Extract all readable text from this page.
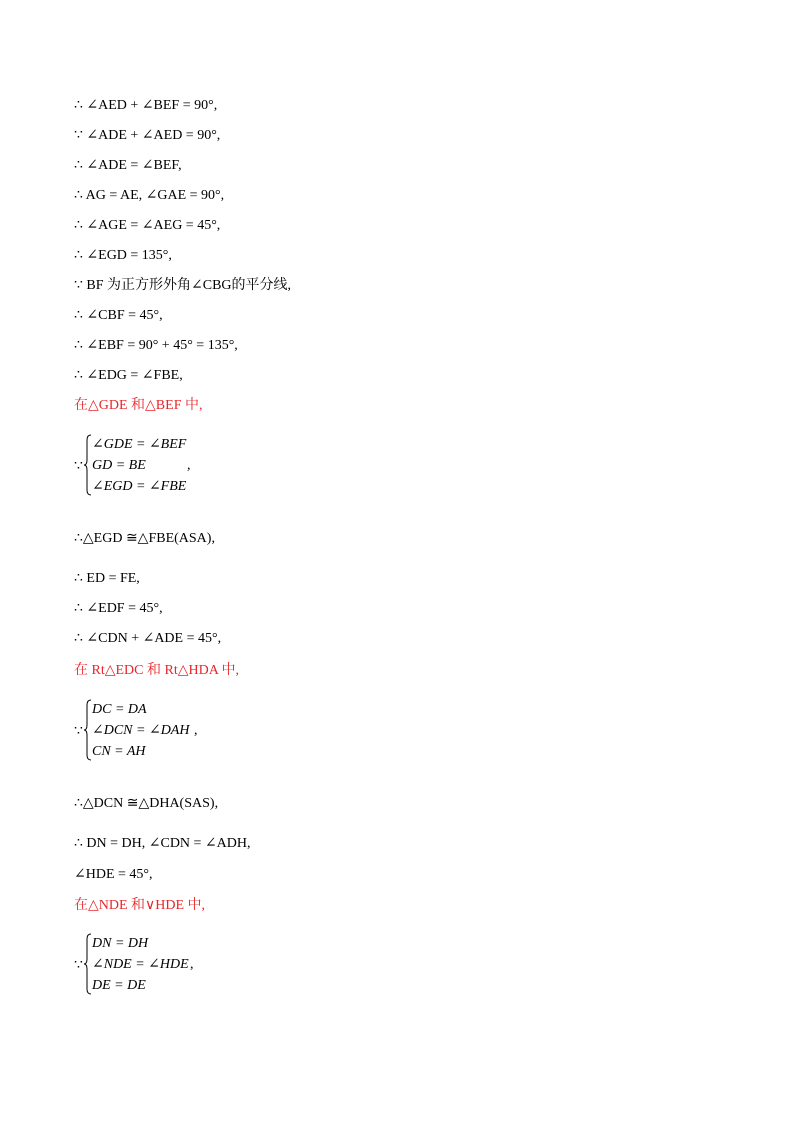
∴ ∠AED + ∠BEF = 90°,
∵ ∠ADE + ∠AED = 90°,
∴ ∠ADE = ∠BEF,
∴ AG = AE, ∠GAE = 90°,
∴ ∠AGE = ∠AEG = 45°,
∴ ∠EGD = 135°,
∵ BF 为正方形外角∠CBG的平分线,
∴ ∠CBF = 45°,
∴ ∠EBF = 90° + 45° = 135°,
∴ ∠EDG = ∠FBE,
在△GDE 和△BEF 中,
∵
∠GDE = ∠BEF
GD = BE
∠EGD = ∠FBE
,
∴△EGD ≅△FBE(ASA),
∴ ED = FE,
∴ ∠EDF = 45°,
∴ ∠CDN + ∠ADE = 45°,
在 Rt△EDC 和 Rt△HDA 中,
∵
DC = DA
∠DCN = ∠DAH
CN = AH
,
∴△DCN ≅△DHA(SAS),
∴ DN = DH, ∠CDN = ∠ADH,
∠HDE = 45°,
在△NDE 和∨HDE 中,
∵
DN = DH
∠NDE = ∠HDE
DE = DE
,
